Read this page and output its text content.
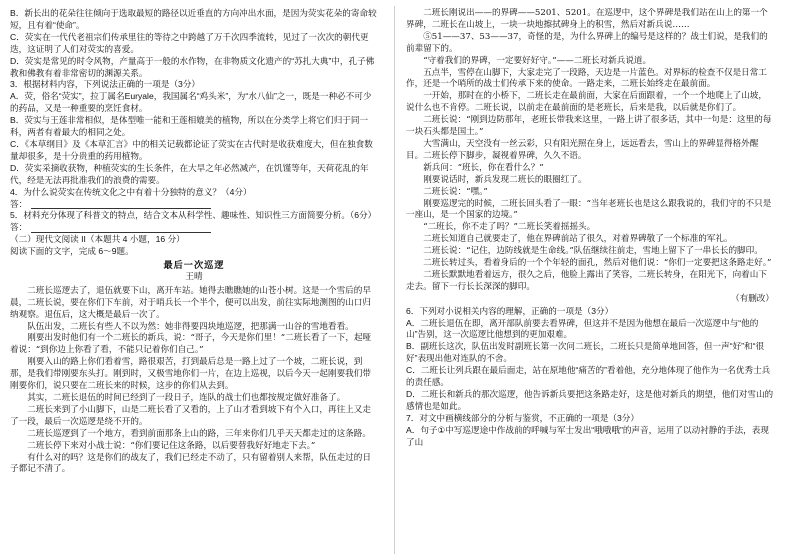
B．新长出的花朵往往倾向于选取最短的路径以近垂直的方向冲出水面，是因为荧实花朵的寄命较短，且有着“使命”。

C．荧实在一代代老祖宗们传承里往的等待之中跨越了万千次四季流转，见过了一次次的朝代更迭，这证明了人们对荧实的喜爱。

D．荧实是常见的时令风物，产量高于一般的水作物，在非物质文化遗产的“苏扎大典”中，孔子佛教和佛教有着非常密切的渊源关系。

3．根据材料内容，下列说法正确的一项是（3分）

A．荧，俗名“荧实”，拉丁属名Euryale，我国属名“鸡头米”，为“水八仙”之一，既是一种必不可少的药品，又是一种重要的烹饪食材。

B．荧实与王莲非常相似，是体型唯一能和王莲相媲美的植物，所以在分类学上将它们归于同一科，两者有着最大的相同之处。

C．《本草纲目》及《本草汇言》中的相关记载都论证了荧实在古代时是收获难度大，但在独食数量却很多，是十分贵重的药用植物。

D．荧实采摘收获物，种植荧实的生长条件，在大旱之年必然减产，在饥馑等年，天荷花乱的年代，经是无法再批准我们的浪费的需要。

4．为什么说荧实在传统文化之中有着十分独特的意义？（4分）

答：

5．材料充分体现了科普文的特点，结合文本从科学性、趣味性、知识性三方面简要分析。（6分）

答：

（二）现代文阅读 II（本题共 4 小题，16 分）

阅读下面的文字，完成 6～9题。

最后一次巡逻

王晴

二班长巡逻去了，退伍就要下山，离开车站。她得去瞧瞧她的山苍小树。这是一个雪后的早晨，二班长说，要在你们下车前，对于哨兵长一个半个，便可以出发，前往实际地测图的山口归纳观察。退伍后，这大概是最后一次了。

队伍出发，二班长有些人不以为然：她非得要四块地巡逻，把那满一山谷的雪地看看。

刚要出发时他们有一个二班长的新兵，说：“哥子，今天是你们里！”二班长看了一下，起哑着说：“到你边上你看了看，不能只记着你们自己。”

刚要入山的路上你们看着雪，路很艰苦，打到最后总是一路上过了一个坡，二班长说，到那，是我们带刚要东头打。刚到时，又极雪地你们一片，在边上巡视，以后今天一起刚要我们带刚要你们，说只要在二班长来的时候，这步的你们从去到。

其实，二班长退伍的时间已经到了一段日子，连队的战士们也都按规定做好准备了。

二班长来到了小山脚下，山是二班长看了又看的，上了山才看到坡下有个入口，再往上又走了一段，最后一次巡逻是绕不开的。

二班长巡逻到了一个地方，看到前面那条上山的路，三年来你们几乎天天都走过的这条路。

二班长停下来对小战士说：“你们要记住这条路，以后要替我好好地走下去。”

有什么对的吗？这是你们的战友了，我们已经走不动了，只有留着别人来帮，队伍走过的日子都记不清了。

二班长刚说出——的界碑——5201、5201。在巡逻中，这个界碑是我们站在山上的第一个界碑，二班长在山坡上，一块一块地擦拭碑身上的积雪，然后对新兵说……

⑤51——37、53——37，奇怪的是，为什么界碑上的编号是这样的？战士们说，是我们的前辈留下的。

“守着我们的界碑，一定要好好守。”——二班长对新兵说道。

五点半，雪停在山脚下，大家走完了一段路，天边是一片蓝色。对界标的检查不仅是日常工作，还是一个哨所的战士们传承下来的使命。一路走来，二班长始终走在最前面。

一开始，那时在的小桥下，二班长走在最前面，大家在后面跟着，一个一个地爬上了山坡，说什么也不肯停。二班长说，以前走在最前面的是老班长，后来是我，以后就是你们了。

二班长说：“刚到边防那年，老班长带我来这里，一路上讲了很多话，其中一句是：这里的每一块石头都是国土。”

大雪满山，天空没有一丝云彩，只有阳光照在身上，远远看去，雪山上的界碑显得格外醒目。二班长停下脚步，凝视着界碑，久久不语。

新兵问：“班长，你在看什么？”

刚要说话时，新兵发现二班长的眼圈红了。

二班长说：“嘿。”

刚要巡逻完的时候，二班长回头看了一眼：“当年老班长也是这么跟我说的，我们守的不只是一座山，是一个国家的边境。”

“二班长，你不走了吗？”二班长笑着摇摇头。

二班长知道自己就要走了，他在界碑前站了很久，对着界碑敬了一个标准的军礼。

二班长说：“记住，边防线就是生命线。”队伍继续往前走，雪地上留下了一串长长的脚印。

二班长转过头，看着身后的一个个年轻的面孔，然后对他们说：“你们一定要把这条路走好。”

二班长默默地看着远方，很久之后，他脸上露出了笑容，二班长转身，在阳光下，向着山下走去。留下一行长长深深的脚印。

（有删改）

6．下列对小说相关内容的理解，正确的一项是（3分）

A．二班长退伍在即，离开部队前要去看界碑，但这并不是因为他想在最后一次巡逻中与“他的山”告别，这一次巡逻比他想到的更加艰难。

B．副班长这次，队伍出发时副班长第一次问二班长，二班长只是简单地回答，但一声“好”和“很好”表现出他对连队的不舍。

C．二班长让列兵跟在最后面走，站在原地他“痛苦的”看着他，充分地体现了他作为一名优秀士兵的责任感。

D．二班长和新兵的那次巡逻，他告诉新兵要把这条路走好，这是他对新兵的期望，他们对雪山的感情也是如此。

7．对文中画横线部分的分析与鉴赏，不正确的一项是（3分）

A．句子①中写巡逻途中作战前的呼喊与军士发出“哦哦哦”的声音，运用了以动衬静的手法，表现了山
